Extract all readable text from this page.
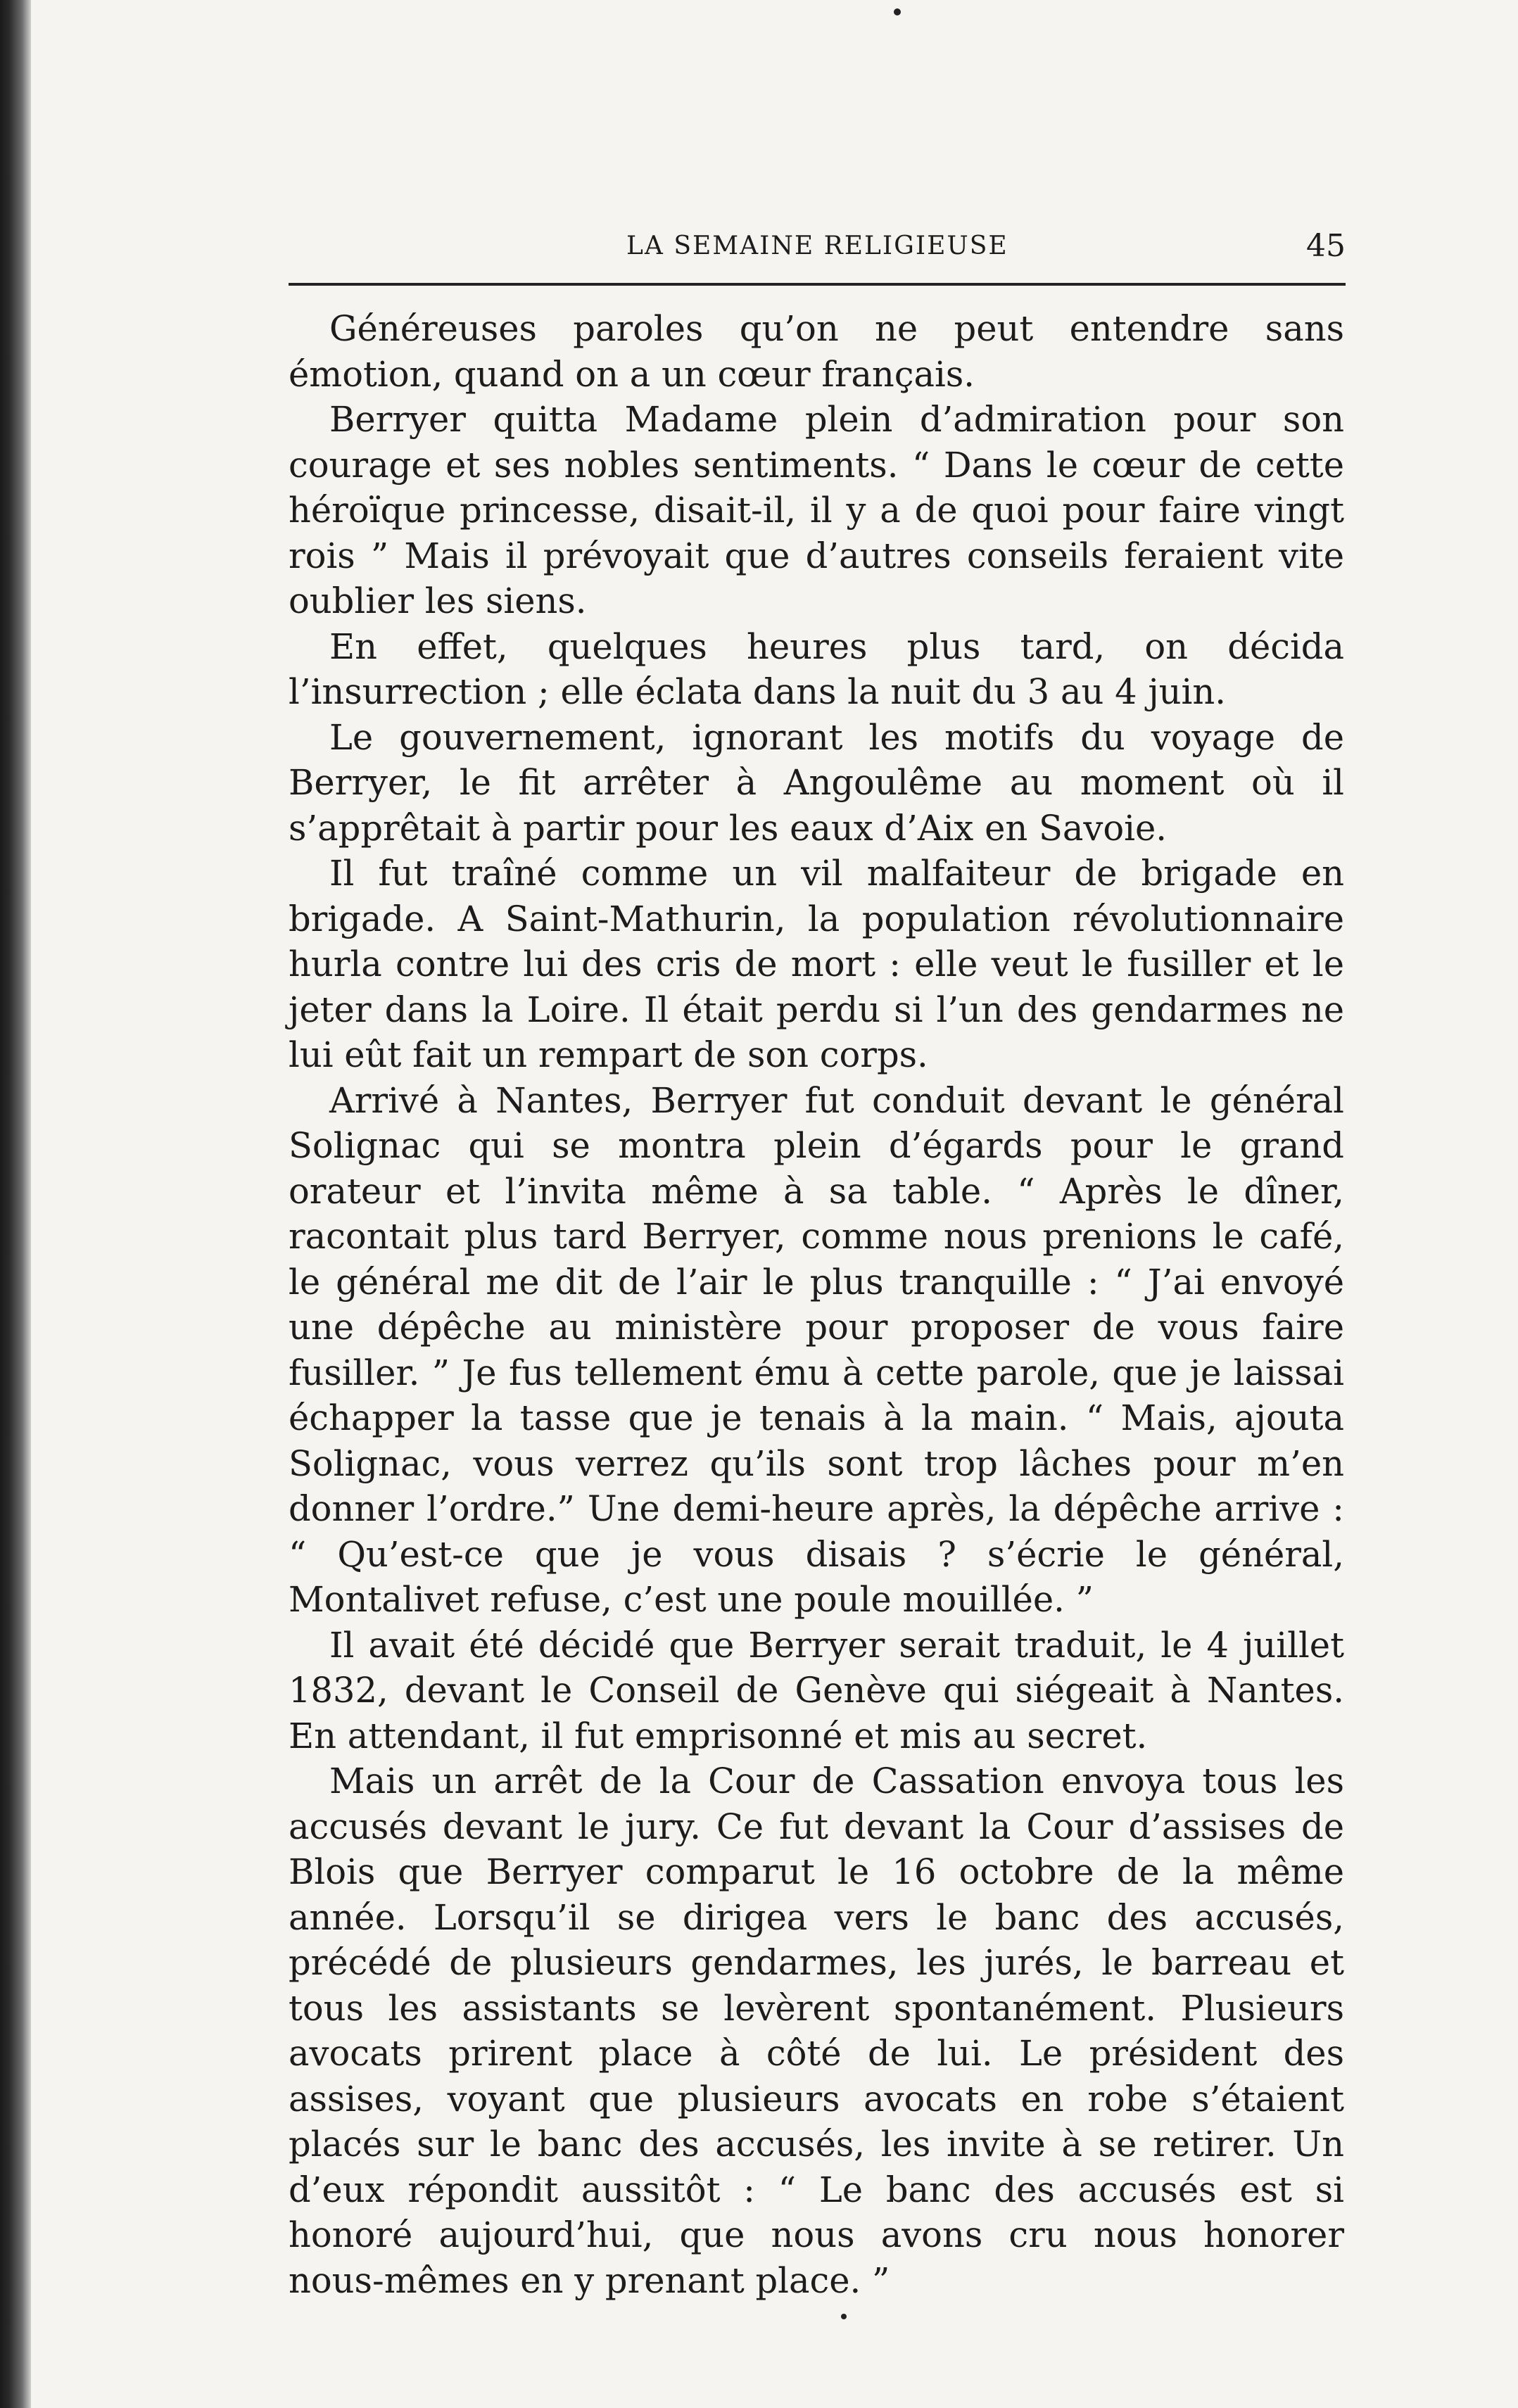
LA SEMAINE RELIGIEUSE	45

Généreuses paroles qu’on ne peut entendre sans émotion, quand on a un cœur français.

Berryer quitta Madame plein d’admiration pour son courage et ses nobles sentiments. “ Dans le cœur de cette héroïque princesse, disait-il, il y a de quoi pour faire vingt rois ” Mais il prévoyait que d’autres conseils feraient vite oublier les siens.

En effet, quelques heures plus tard, on décida l’insurrection ; elle éclata dans la nuit du 3 au 4 juin.

Le gouvernement, ignorant les motifs du voyage de Berryer, le fit arrêter à Angoulême au moment où il s’apprêtait à partir pour les eaux d’Aix en Savoie.

Il fut traîné comme un vil malfaiteur de brigade en brigade. A Saint-Mathurin, la population révolutionnaire hurla contre lui des cris de mort : elle veut le fusiller et le jeter dans la Loire. Il était perdu si l’un des gendarmes ne lui eût fait un rempart de son corps.

Arrivé à Nantes, Berryer fut conduit devant le général Solignac qui se montra plein d’égards pour le grand orateur et l’invita même à sa table. “ Après le dîner, racontait plus tard Berryer, comme nous prenions le café, le général me dit de l’air le plus tranquille : “ J’ai envoyé une dépêche au ministère pour proposer de vous faire fusiller. ” Je fus tellement ému à cette parole, que je laissai échapper la tasse que je tenais à la main. “ Mais, ajouta Solignac, vous verrez qu’ils sont trop lâches pour m’en donner l’ordre.” Une demi-heure après, la dépêche arrive : “ Qu’est-ce que je vous disais ? s’écrie le général, Montalivet refuse, c’est une poule mouillée. ”

Il avait été décidé que Berryer serait traduit, le 4 juillet 1832, devant le Conseil de Genève qui siégeait à Nantes. En attendant, il fut emprisonné et mis au secret.

Mais un arrêt de la Cour de Cassation envoya tous les accusés devant le jury. Ce fut devant la Cour d’assises de Blois que Berryer comparut le 16 octobre de la même année. Lorsqu’il se dirigea vers le banc des accusés, précédé de plusieurs gendarmes, les jurés, le barreau et tous les assistants se levèrent spontanément. Plusieurs avocats prirent place à côté de lui. Le président des assises, voyant que plusieurs avocats en robe s’étaient placés sur le banc des accusés, les invite à se retirer. Un d’eux répondit aussitôt : “ Le banc des accusés est si honoré aujourd’hui, que nous avons cru nous honorer nous-mêmes en y prenant place. ”
